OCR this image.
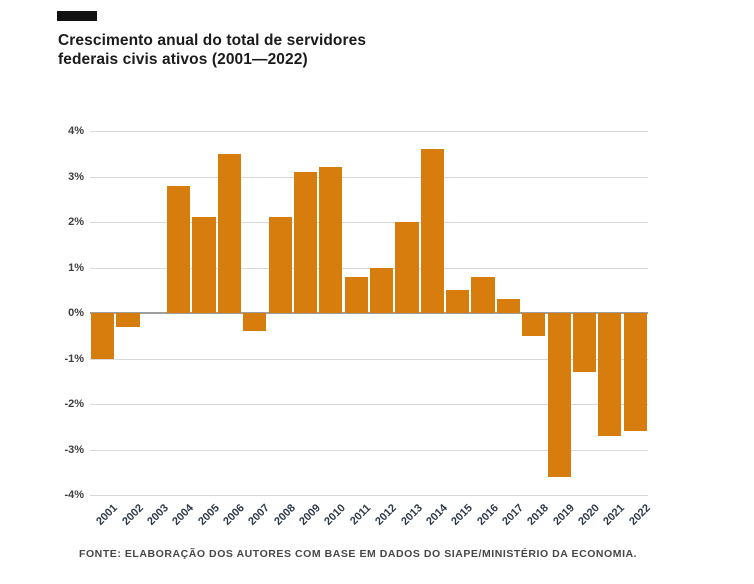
Crescimento anual do total de servidores
federais civis ativos (2001—2022)
4%
3%
2%
1%
0%
-1%
-2%
-3%
-4%
2001 2002 2003 2004 2005 2006 2007 2008 2009 2010 2011 2012 2013 2014 2015 2016 2017 2018 2019 2020 2021 2022
FONTE: ELABORAÇÃO DOS AUTORES COM BASE EM DADOS DO SIAPE/MINISTÉRIO DA ECONOMIA.
